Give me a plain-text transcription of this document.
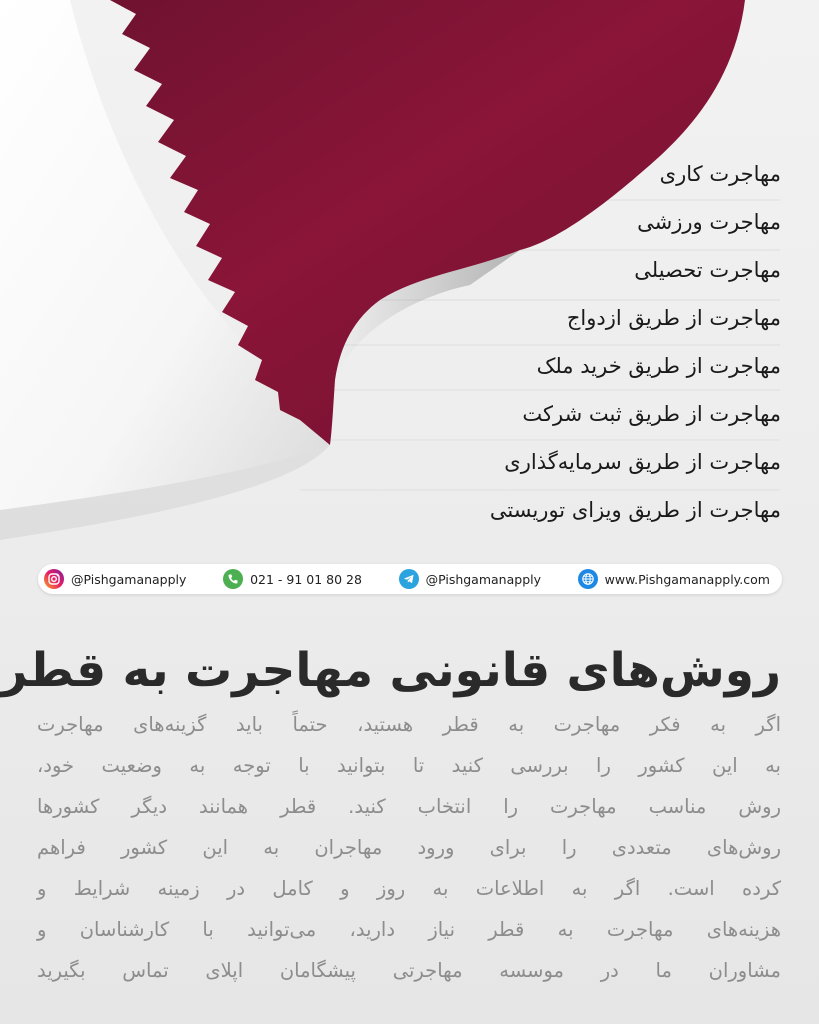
مهاجرت کاری
مهاجرت ورزشی
مهاجرت تحصیلی
مهاجرت از طریق ازدواج
مهاجرت از طریق خرید ملک
مهاجرت از طریق ثبت شرکت
مهاجرت از طریق سرمایه‌گذاری
مهاجرت از طریق ویزای توریستی
@Pishgamanapply	021 - 91 01 80 28	@Pishgamanapply	www.Pishgamanapply.com
روش‌های قانونی مهاجرت به قطر
اگر به فکر مهاجرت به قطر هستید، حتماً باید گزینه‌های مهاجرت
به این کشور را بررسی کنید تا بتوانید با توجه به وضعیت خود،
روش مناسب مهاجرت را انتخاب کنید. قطر همانند دیگر کشورها
روش‌های متعددی را برای ورود مهاجران به این کشور فراهم
کرده است. اگر به اطلاعات به روز و کامل در زمینه شرایط و
هزینه‌های مهاجرت به قطر نیاز دارید، می‌توانید با کارشناسان و
مشاوران ما در موسسه مهاجرتی پیشگامان اپلای تماس بگیرید
